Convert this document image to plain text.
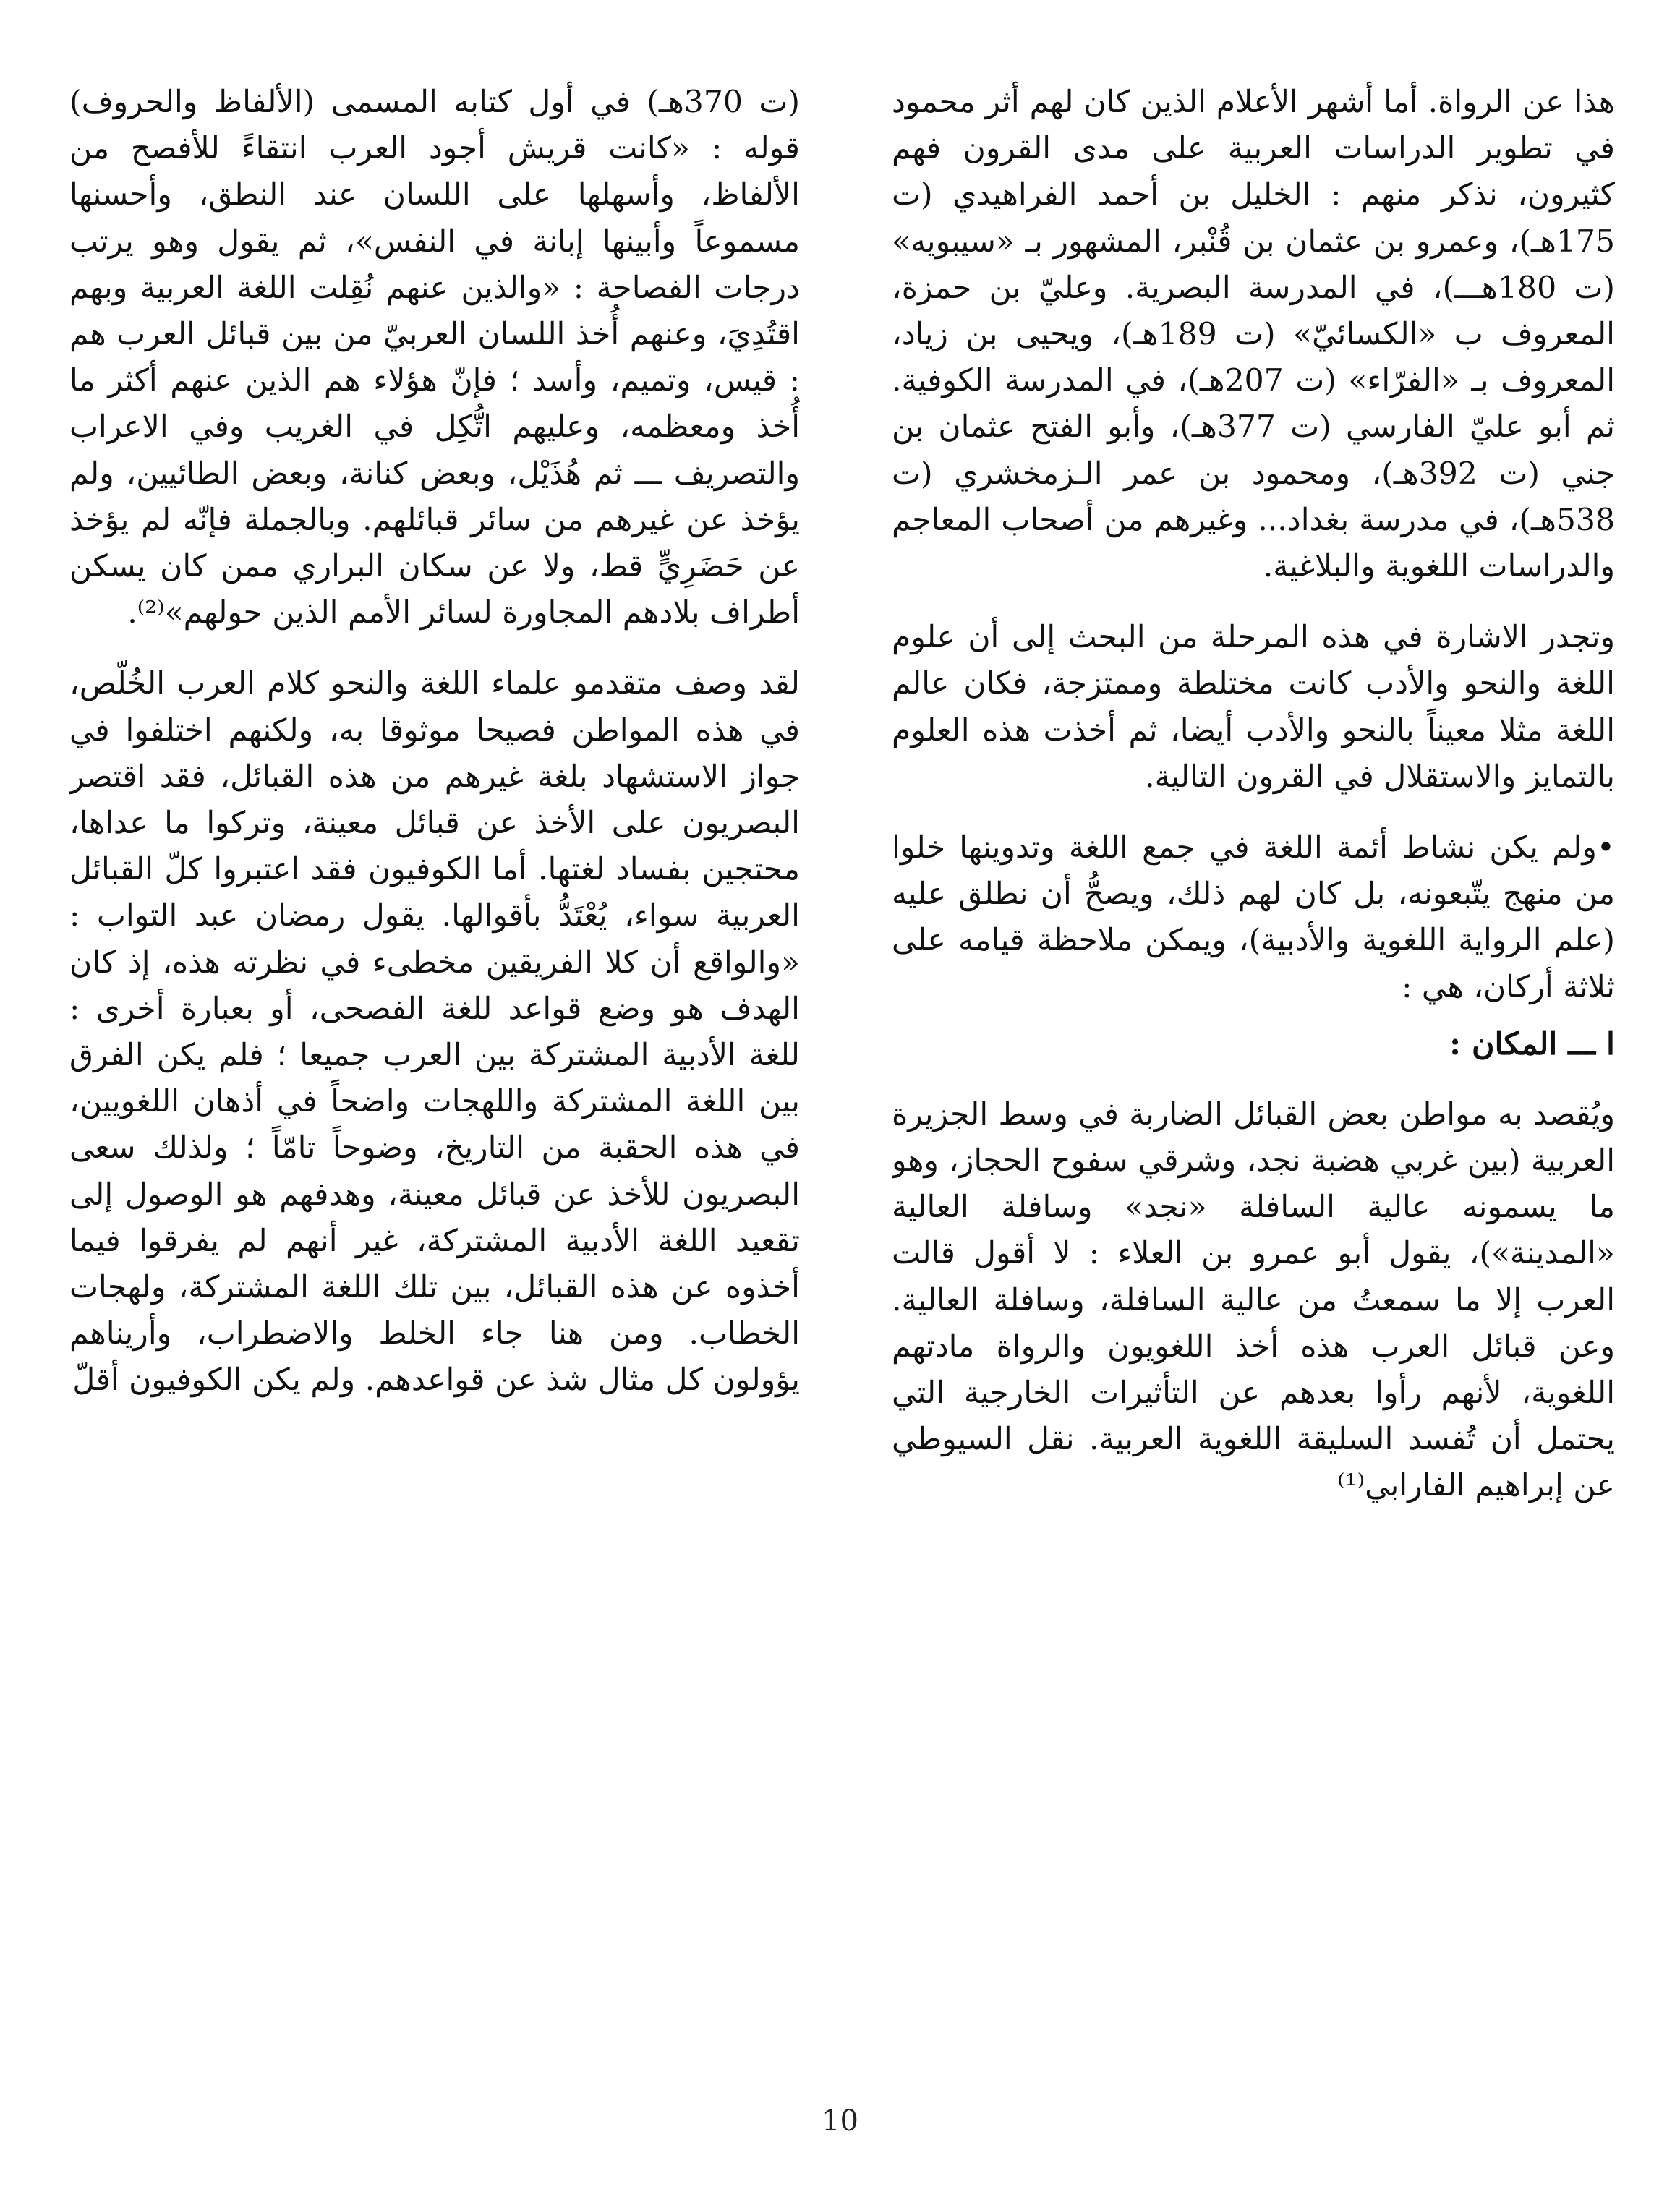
هذا عن الرواة. أما أشهر الأعلام الذين كان لهم أثر محمود في تطوير الدراسات العربية على مدى القرون فهم كثيرون، نذكر منهم : الخليل بن أحمد الفراهيدي (ت 175هـ)، وعمرو بن عثمان بن قُنْبر، المشهور بـ «سيبويه» (ت 180هـــ)، في المدرسة البصرية. وعليّ بن حمزة، المعروف ب «الكسائيّ» (ت 189هـ)، ويحيى بن زياد، المعروف بـ «الفرّاء» (ت 207هـ)، في المدرسة الكوفية. ثم أبو عليّ الفارسي (ت 377هـ)، وأبو الفتح عثمان بن جني (ت 392هـ)، ومحمود بن عمر الـزمخشري (ت 538هـ)، في مدرسة بغداد... وغيرهم من أصحاب المعاجم والدراسات اللغوية والبلاغية.

وتجدر الاشارة في هذه المرحلة من البحث إلى أن علوم اللغة والنحو والأدب كانت مختلطة وممتزجة، فكان عالم اللغة مثلا معيناً بالنحو والأدب أيضا، ثم أخذت هذه العلوم بالتمايز والاستقلال في القرون التالية.

•ولم يكن نشاط أئمة اللغة في جمع اللغة وتدوينها خلوا من منهج يتّبعونه، بل كان لهم ذلك، ويصحُّ أن نطلق عليه (علم الرواية اللغوية والأدبية)، ويمكن ملاحظة قيامه على ثلاثة أركان، هي :

ا ـــ المكان :

ويُقصد به مواطن بعض القبائل الضاربة في وسط الجزيرة العربية (بين غربي هضبة نجد، وشرقي سفوح الحجاز، وهو ما يسمونه عالية السافلة «نجد» وسافلة العالية «المدينة»)، يقول أبو عمرو بن العلاء : لا أقول قالت العرب إلا ما سمعتُ من عالية السافلة، وسافلة العالية. وعن قبائل العرب هذه أخذ اللغويون والرواة مادتهم اللغوية، لأنهم رأوا بعدهم عن التأثيرات الخارجية التي يحتمل أن تُفسد السليقة اللغوية العربية. نقل السيوطي عن إبراهيم الفارابي⁽¹⁾

(ت 370هـ) في أول كتابه المسمى (الألفاظ والحروف) قوله : «كانت قريش أجود العرب انتقاءً للأفصح من الألفاظ، وأسهلها على اللسان عند النطق، وأحسنها مسموعاً وأبينها إبانة في النفس»، ثم يقول وهو يرتب درجات الفصاحة : «والذين عنهم نُقِلت اللغة العربية وبهم اقتُدِيَ، وعنهم أُخذ اللسان العربيّ من بين قبائل العرب هم : قيس، وتميم، وأسد ؛ فإنّ هؤلاء هم الذين عنهم أكثر ما أُخذ ومعظمه، وعليهم اتُّكِل في الغريب وفي الاعراب والتصريف ـــ ثم هُذَيْل، وبعض كنانة، وبعض الطائيين، ولم يؤخذ عن غيرهم من سائر قبائلهم. وبالجملة فإنّه لم يؤخذ عن حَضَرِيٍّ قط، ولا عن سكان البراري ممن كان يسكن أطراف بلادهم المجاورة لسائر الأمم الذين حولهم»⁽²⁾.

لقد وصف متقدمو علماء اللغة والنحو كلام العرب الخُلّص، في هذه المواطن فصيحا موثوقا به، ولكنهم اختلفوا في جواز الاستشهاد بلغة غيرهم من هذه القبائل، فقد اقتصر البصريون على الأخذ عن قبائل معينة، وتركوا ما عداها، محتجين بفساد لغتها. أما الكوفيون فقد اعتبروا كلّ القبائل العربية سواء، يُعْتَدُّ بأقوالها. يقول رمضان عبد التواب : «والواقع أن كلا الفريقين مخطىء في نظرته هذه، إذ كان الهدف هو وضع قواعد للغة الفصحى، أو بعبارة أخرى : للغة الأدبية المشتركة بين العرب جميعا ؛ فلم يكن الفرق بين اللغة المشتركة واللهجات واضحاً في أذهان اللغويين، في هذه الحقبة من التاريخ، وضوحاً تامّاً ؛ ولذلك سعى البصريون للأخذ عن قبائل معينة، وهدفهم هو الوصول إلى تقعيد اللغة الأدبية المشتركة، غير أنهم لم يفرقوا فيما أخذوه عن هذه القبائل، بين تلك اللغة المشتركة، ولهجات الخطاب. ومن هنا جاء الخلط والاضطراب، وأريناهم يؤولون كل مثال شذ عن قواعدهم. ولم يكن الكوفيون أقلّ

10
